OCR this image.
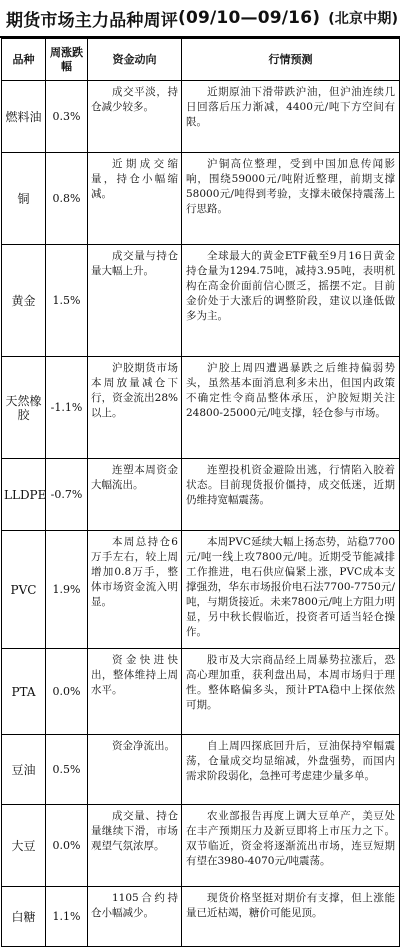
期货市场主力品种周评 (09/10—09/16) (北京中期)
品种	周涨跌幅	资金动向	行情预测
燃料油	0.3%	成交平淡，持仓减少较多。	近期原油下滑带跌沪油，但沪油连续几日回落后压力渐减，4400元/吨下方空间有限。
铜	0.8%	近期成交缩量，持仓小幅缩减。	沪铜高位整理，受到中国加息传闻影响，围绕59000元/吨附近整理，前期支撑58000元/吨得到考验，支撑未破保持震荡上行思路。
黄金	1.5%	成交量与持仓量大幅上升。	全球最大的黄金ETF截至9月16日黄金持仓量为1294.75吨，减持3.95吨，表明机构在高金价面前信心匮乏，摇摆不定。目前金价处于大涨后的调整阶段，建议以逢低做多为主。
天然橡胶	-1.1%	沪胶期货市场本周放量减仓下行，资金流出28%以上。	沪胶上周四遭遇暴跌之后维持偏弱势头，虽然基本面消息利多未出，但国内政策不确定性令商品整体承压，沪胶短期关注24800-25000元/吨支撑，轻仓参与市场。
LLDPE	-0.7%	连塑本周资金大幅流出。	连塑投机资金避险出逃，行情陷入胶着状态。目前现货报价僵持，成交低迷，近期仍维持宽幅震荡。
PVC	1.9%	本周总持仓6万手左右，较上周增加0.8万手，整体市场资金流入明显。	本周PVC延续大幅上扬态势，站稳7700元/吨一线上攻7800元/吨。近期受节能减排工作推进，电石供应偏紧上涨，PVC成本支撑强劲，华东市场报价电石法7700-7750元/吨，与期货接近。未来7800元/吨上方阻力明显，另中秋长假临近，投资者可适当轻仓操作。
PTA	0.0%	资金快进快出，整体维持上周水平。	股市及大宗商品经上周暴势拉涨后，恐高心理加重，获利盘出局，本周市场归于理性。整体略偏多头，预计PTA稳中上探依然可期。
豆油	0.5%	资金净流出。	自上周四探底回升后，豆油保持窄幅震荡，仓量成交均显缩减，外盘强势，而国内需求阶段弱化，急挫可考虑建少量多单。
大豆	0.0%	成交量、持仓量继续下滑，市场观望气氛浓厚。	农业部报告再度上调大豆单产，美豆处在丰产预期压力及新豆即将上市压力之下。双节临近，资金将逐渐流出市场，连豆短期有望在3980-4070元/吨震荡。
白糖	1.1%	1105合约持仓小幅减少。	现货价格坚挺对期价有支撑，但上涨能量已近枯竭，糖价可能见顶。
